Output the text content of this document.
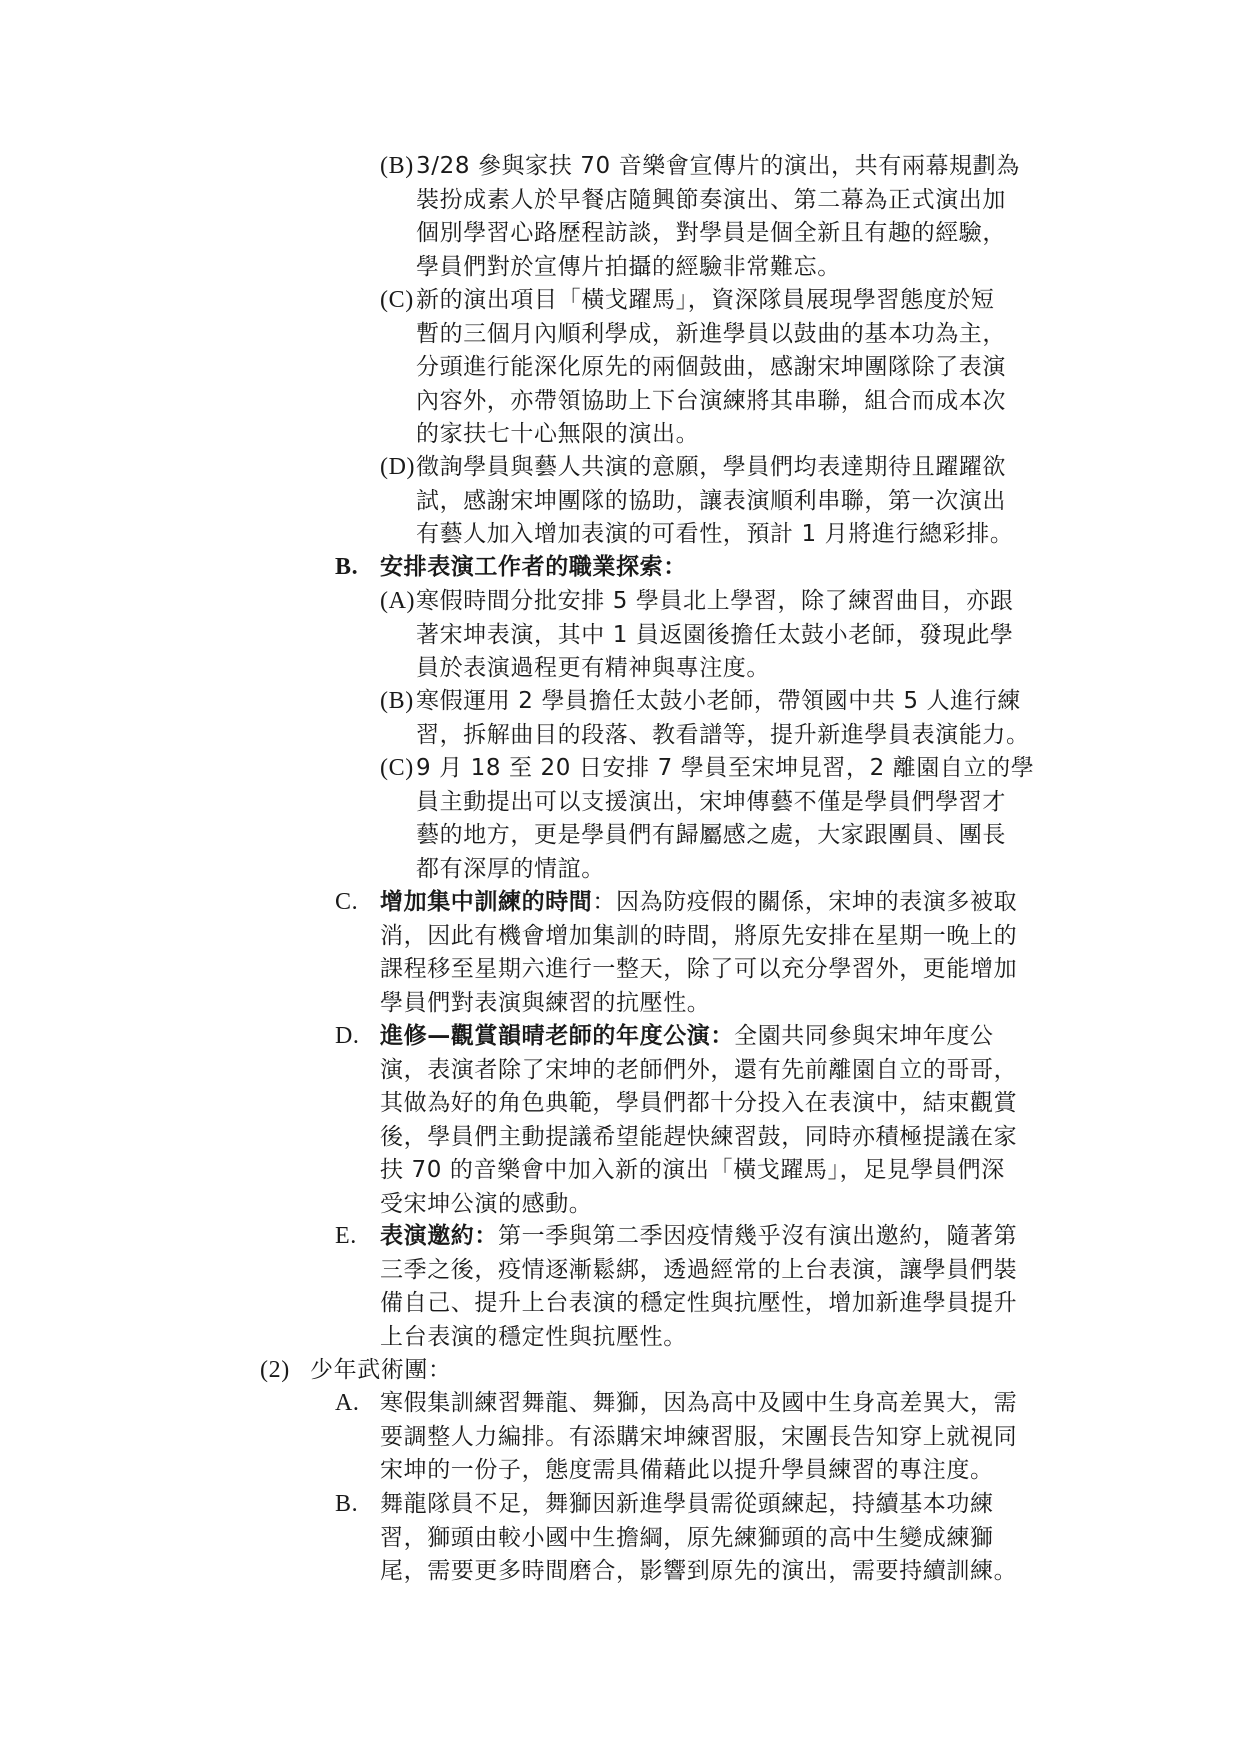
(B) 3/28 參與家扶 70 音樂會宣傳片的演出，共有兩幕規劃為
裝扮成素人於早餐店隨興節奏演出、第二幕為正式演出加
個別學習心路歷程訪談，對學員是個全新且有趣的經驗，
學員們對於宣傳片拍攝的經驗非常難忘。
(C) 新的演出項目「橫戈躍馬」，資深隊員展現學習態度於短
暫的三個月內順利學成，新進學員以鼓曲的基本功為主，
分頭進行能深化原先的兩個鼓曲，感謝宋坤團隊除了表演
內容外，亦帶領協助上下台演練將其串聯，組合而成本次
的家扶七十心無限的演出。
(D) 徵詢學員與藝人共演的意願，學員們均表達期待且躍躍欲
試，感謝宋坤團隊的協助，讓表演順利串聯，第一次演出
有藝人加入增加表演的可看性，預計 1 月將進行總彩排。
B. 安排表演工作者的職業探索：
(A) 寒假時間分批安排 5 學員北上學習，除了練習曲目，亦跟
著宋坤表演，其中 1 員返園後擔任太鼓小老師，發現此學
員於表演過程更有精神與專注度。
(B) 寒假運用 2 學員擔任太鼓小老師，帶領國中共 5 人進行練
習，拆解曲目的段落、教看譜等，提升新進學員表演能力。
(C) 9 月 18 至 20 日安排 7 學員至宋坤見習，2 離園自立的學
員主動提出可以支援演出，宋坤傳藝不僅是學員們學習才
藝的地方，更是學員們有歸屬感之處，大家跟團員、團長
都有深厚的情誼。
C. 增加集中訓練的時間：因為防疫假的關係，宋坤的表演多被取
消，因此有機會增加集訓的時間，將原先安排在星期一晚上的
課程移至星期六進行一整天，除了可以充分學習外，更能增加
學員們對表演與練習的抗壓性。
D. 進修—觀賞韻晴老師的年度公演：全園共同參與宋坤年度公
演，表演者除了宋坤的老師們外，還有先前離園自立的哥哥，
其做為好的角色典範，學員們都十分投入在表演中，結束觀賞
後，學員們主動提議希望能趕快練習鼓，同時亦積極提議在家
扶 70 的音樂會中加入新的演出「橫戈躍馬」，足見學員們深
受宋坤公演的感動。
E. 表演邀約：第一季與第二季因疫情幾乎沒有演出邀約，隨著第
三季之後，疫情逐漸鬆綁，透過經常的上台表演，讓學員們裝
備自己、提升上台表演的穩定性與抗壓性，增加新進學員提升
上台表演的穩定性與抗壓性。
(2) 少年武術團：
A. 寒假集訓練習舞龍、舞獅，因為高中及國中生身高差異大，需
要調整人力編排。有添購宋坤練習服，宋團長告知穿上就視同
宋坤的一份子，態度需具備藉此以提升學員練習的專注度。
B. 舞龍隊員不足，舞獅因新進學員需從頭練起，持續基本功練
習，獅頭由較小國中生擔綱，原先練獅頭的高中生變成練獅
尾，需要更多時間磨合，影響到原先的演出，需要持續訓練。
